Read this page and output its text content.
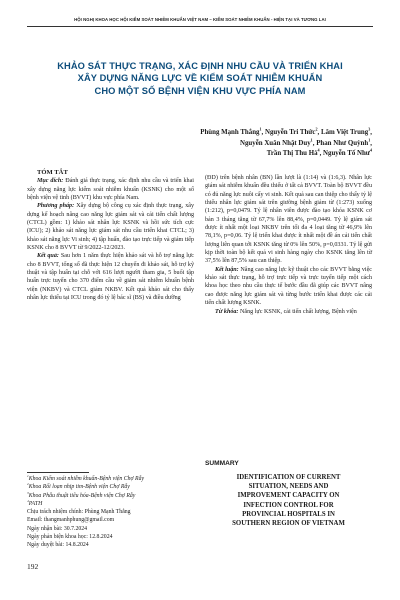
HỘI NGHỊ KHOA HỌC HỘI KIỂM SOÁT NHIỄM KHUẨN VIỆT NAM – KIỂM SOÁT NHIỄM KHUẨN - HIỆN TẠI VÀ TƯƠNG LAI
KHẢO SÁT THỰC TRẠNG, XÁC ĐỊNH NHU CẦU VÀ TRIỂN KHAI
XÂY DỰNG NĂNG LỰC VỀ KIỂM SOÁT NHIỄM KHUẨN
CHO MỘT SỐ BỆNH VIỆN KHU VỰC PHÍA NAM
Phùng Mạnh Thắng$^1$, Nguyễn Tri Thức$^2$, Lâm Việt Trung$^3$,
Nguyễn Xuân Nhật Duy$^1$, Phan Như Quỳnh$^1$,
Trần Thị Thu $Hà^4$, Nguyễn Tố Như$^4$

TÓM TẮT

Mục đích: Đánh giá thực trạng, xác định nhu cầu và triển khai xây dựng năng lực kiểm soát nhiễm khuẩn (KSNK) cho một số bệnh viện vệ tinh (BVVT) khu vực phía Nam.

Phương pháp: Xây dựng bộ công cụ xác định thực trạng, xây dựng kế hoạch nâng cao năng lực giám sát và cải tiến chất lượng (CTCL) gồm: 1) khảo sát nhân lực KSNK và hồi sức tích cực (ICU); 2) khảo sát năng lực giám sát nhu cầu triển khai CTCL; 3) khảo sát năng lực Vi sinh; 4) tập huấn, đào tạo trực tiếp và giám tiếp KSNK cho 8 BVVT từ 9/2022-12/2023.

Kết quả: Sau hơn 1 năm thực hiện khảo sát và hỗ trợ năng lực cho 8 BVVT, tổng số đã thực hiện 12 chuyến đi khảo sát, hỗ trợ kỹ thuật và tập huấn tại chỗ với 616 lượt người tham gia, 5 buổi tập huấn trực tuyến cho 370 điểm cầu về giám sát nhiễm khuẩn bệnh viện (NKBV) và CTCL giảm NKBV. Kết quả khảo sát cho thấy nhân lực thiếu tại ICU trong đó tỷ lệ bác sĩ (BS) và điều dưỡng

$^1$Khoa Kiểm soát nhiễm khuẩn-Bệnh viện Chợ Rẫy
$^2$Khoa Rối loạn nhịp tim-Bệnh viện Chợ Rẫy
$^3$Khoa Phẫu thuật tiêu hóa-Bệnh viện Chợ Rẫy
$^4$PATH
Chịu trách nhiệm chính: Phùng Mạnh Thắng
Email: thangmanhphung@gmail.com
Ngày nhận bài: 30.7.2024
Ngày phản biện khoa học: 12.8.2024
Ngày duyệt bài: 14.8.2024

(ĐD) trên bệnh nhân (BN) lần lượt là (1:14) và (1:6,3). Nhân lực giám sát nhiễm khuẩn đều thiếu ở tất cả BVVT. Toàn bộ BVVT đều có đủ năng lực nuôi cấy vi sinh. Kết quả sau can thiệp cho thấy tỷ lệ thiếu nhân lực giám sát trên giường bệnh giảm từ (1:273) xuống (1:212), p=0,0479. Tỷ lệ nhân viên được đào tạo khóa KSNK cơ bản 3 tháng tăng từ 67,7% lên 88,4%, p=0,0449. Tỷ lệ giám sát được ít nhất một loại NKBV trên tối đa 4 loại tăng từ 46,9% lên 78,1%, p=0,06. Tỷ lệ triển khai được ít nhất một đề án cải tiến chất lượng liên quan tới KSNK tăng từ 0% lên 50%, p=0,0331. Tỷ lệ gửi kịp thời toàn bộ kết quả vi sinh hàng ngày cho KSNK tăng lên từ 37,5% lên 87,5% sau can thiệp.

Kết luận: Nâng cao năng lực kỹ thuật cho các BVVT bằng việc khảo sát thực trạng, hỗ trợ trực tiếp và trực tuyến tiếp một cách khoa học theo nhu cầu thực tế bước đầu đã giúp các BVVT nâng cao được năng lực giám sát và từng bước triển khai được các cải tiến chất lượng KSNK.

Từ khóa: Năng lực KSNK, cải tiến chất lượng, Bệnh viện

SUMMARY
IDENTIFICATION OF CURRENT
SITUATION, NEEDS AND
IMPROVEMENT CAPACITY ON
INFECTION CONTROL FOR
PROVINCIAL HOSPITALS IN
SOUTHERN REGION OF VIETNAM
192
